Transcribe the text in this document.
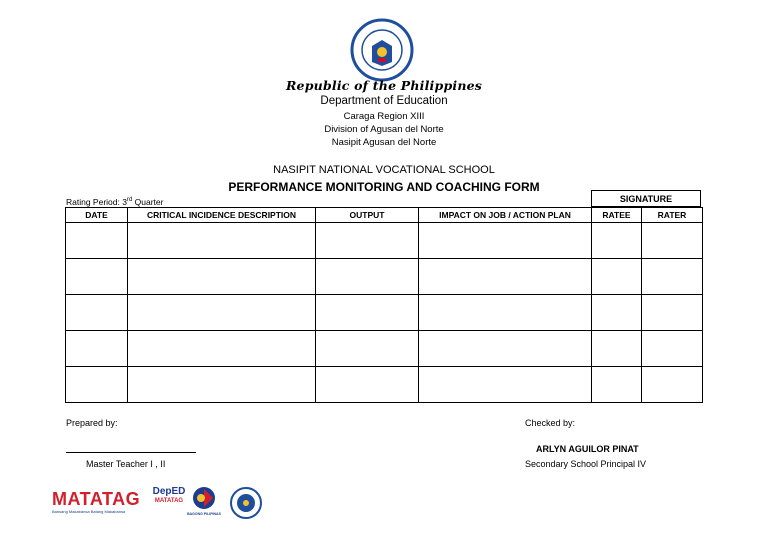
Republic of the Philippines
Department of Education
Caraga Region XIII
Division of Agusan del Norte
Nasipit Agusan del Norte
NASIPIT NATIONAL VOCATIONAL SCHOOL
PERFORMANCE MONITORING AND COACHING FORM
Rating Period: 3rd Quarter	SIGNATURE
DATE	CRITICAL INCIDENCE DESCRIPTION	OUTPUT	IMPACT ON JOB / ACTION PLAN	RATEE	RATER

Prepared by:
Master Teacher I , II
Checked by:
ARLYN AGUILOR PINAT
Secondary School Principal IV
MATATAG
Bansang Makabansa Batang Makabansa
DepED
MATATAG
BAGONG PILIPINAS
